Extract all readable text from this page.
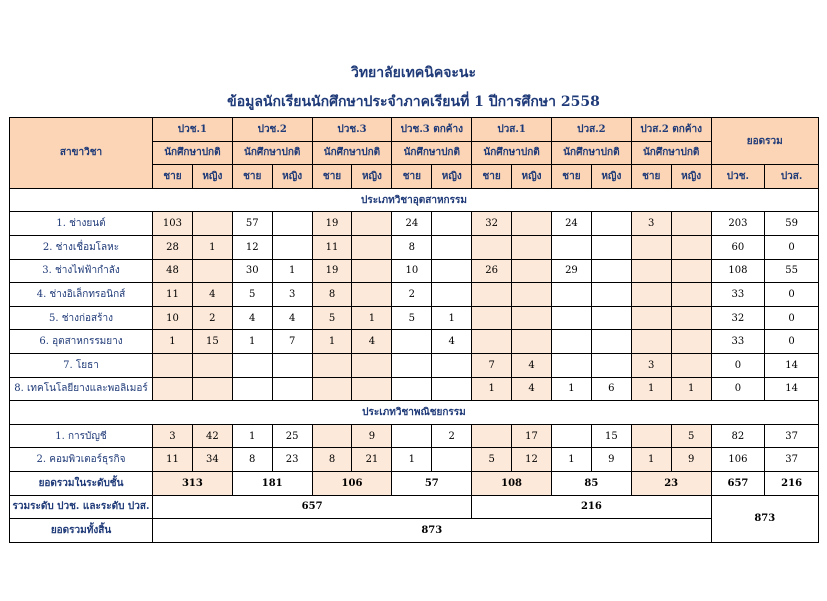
วิทยาลัยเทคนิคจะนะ
ข้อมูลนักเรียนนักศึกษาประจำภาคเรียนที่ 1 ปีการศึกษา 2558
สาขาวิชา	ปวช.1		ปวช.2		ปวช.3		ปวช.3 ตกค้าง		ปวส.1		ปวส.2		ปวส.2 ตกค้าง		ยอดรวม	
	นักศึกษาปกติ		นักศึกษาปกติ		นักศึกษาปกติ		นักศึกษาปกติ		นักศึกษาปกติ		นักศึกษาปกติ		นักศึกษาปกติ			
	ชาย	หญิง	ชาย	หญิง	ชาย	หญิง	ชาย	หญิง	ชาย	หญิง	ชาย	หญิง	ชาย	หญิง	ปวช.	ปวส.
ประเภทวิชาอุตสาหกรรม																
1. ช่างยนต์	103		57		19		24		32		24		3		203	59
2. ช่างเชื่อมโลหะ	28	1	12		11		8								60	0
3. ช่างไฟฟ้ากำลัง	48		30	1	19		10		26		29				108	55
4. ช่างอิเล็กทรอนิกส์	11	4	5	3	8		2								33	0
5. ช่างก่อสร้าง	10	2	4	4	5	1	5	1							32	0
6. อุตสาหกรรมยาง	1	15	1	7	1	4		4							33	0
7. โยธา									7	4			3		0	14
8. เทคโนโลยียางและพอลิเมอร์									1	4	1	6	1	1	0	14
ประเภทวิชาพณิชยกรรม																
1. การบัญชี	3	42	1	25		9		2		17		15		5	82	37
2. คอมพิวเตอร์ธุรกิจ	11	34	8	23	8	21	1		5	12	1	9	1	9	106	37
ยอดรวมในระดับชั้น	313		181		106		57		108		85		23		657	216
รวมระดับ ปวช. และระดับ ปวส.	657								216						873	
ยอดรวมทั้งสิ้น	873															
